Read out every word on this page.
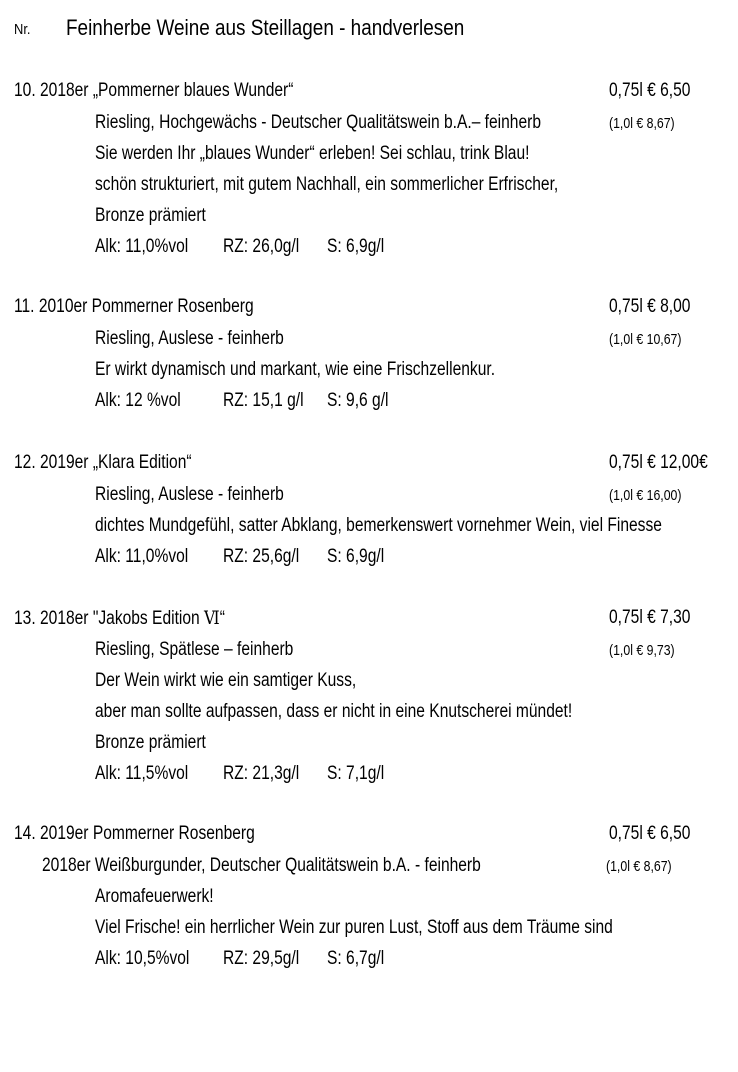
Nr. Feinherbe Weine aus Steillagen - handverlesen
10. 2018er „Pommerner blaues Wunder“	0,75l € 6,50
Riesling, Hochgewächs - Deutscher Qualitätswein b.A.– feinherb	(1,0l € 8,67)
Sie werden Ihr „blaues Wunder“ erleben! Sei schlau, trink Blau!
schön strukturiert, mit gutem Nachhall, ein sommerlicher Erfrischer,
Bronze prämiert
Alk: 11,0%vol RZ: 26,0g/l S: 6,9g/l
11. 2010er Pommerner Rosenberg	0,75l € 8,00
Riesling, Auslese - feinherb	(1,0l € 10,67)
Er wirkt dynamisch und markant, wie eine Frischzellenkur.
Alk: 12 %vol RZ: 15,1 g/l S: 9,6 g/l
12. 2019er „Klara Edition“	0,75l € 12,00€
Riesling, Auslese - feinherb	(1,0l € 16,00)
dichtes Mundgefühl, satter Abklang, bemerkenswert vornehmer Wein, viel Finesse
Alk: 11,0%vol RZ: 25,6g/l S: 6,9g/l
13. 2018er "Jakobs Edition Ⅵ“	0,75l € 7,30
Riesling, Spätlese – feinherb	(1,0l € 9,73)
Der Wein wirkt wie ein samtiger Kuss,
aber man sollte aufpassen, dass er nicht in eine Knutscherei mündet!
Bronze prämiert
Alk: 11,5%vol RZ: 21,3g/l S: 7,1g/l
14. 2019er Pommerner Rosenberg	0,75l € 6,50
2018er Weißburgunder, Deutscher Qualitätswein b.A. - feinherb	(1,0l € 8,67)
Aromafeuerwerk!
Viel Frische! ein herrlicher Wein zur puren Lust, Stoff aus dem Träume sind
Alk: 10,5%vol RZ: 29,5g/l S: 6,7g/l
